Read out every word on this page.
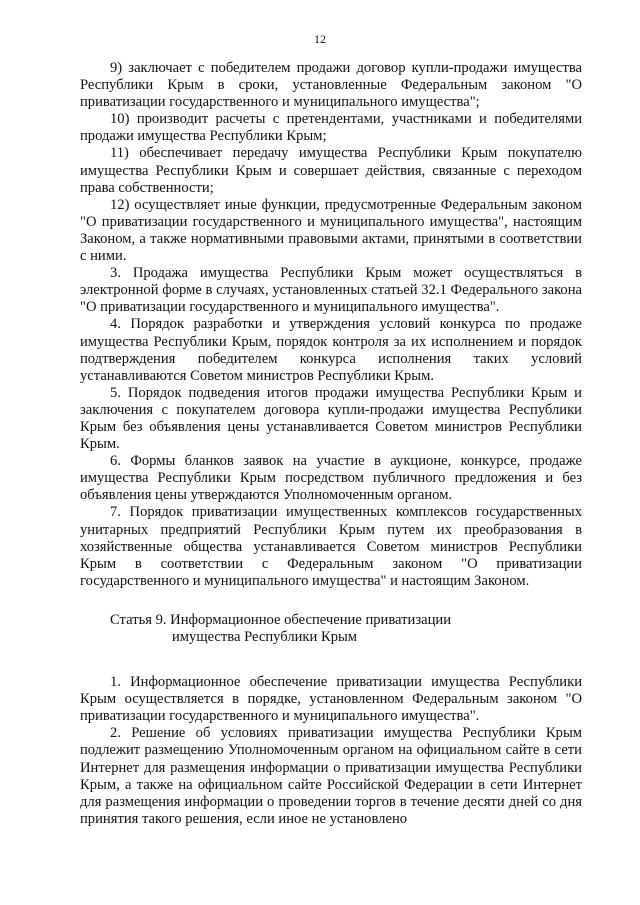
12

9) заключает с победителем продажи договор купли-продажи имущества Республики Крым в сроки, установленные Федеральным законом "О приватизации государственного и муниципального имущества";

10) производит расчеты с претендентами, участниками и победителями продажи имущества Республики Крым;

11) обеспечивает передачу имущества Республики Крым покупателю имущества Республики Крым и совершает действия, связанные с переходом права собственности;

12) осуществляет иные функции, предусмотренные Федеральным законом "О приватизации государственного и муниципального имущества", настоящим Законом, а также нормативными правовыми актами, принятыми в соответствии с ними.

3. Продажа имущества Республики Крым может осуществляться в электронной форме в случаях, установленных статьей 32.1 Федерального закона "О приватизации государственного и муниципального имущества".

4. Порядок разработки и утверждения условий конкурса по продаже имущества Республики Крым, порядок контроля за их исполнением и порядок подтверждения победителем конкурса исполнения таких условий устанавливаются Советом министров Республики Крым.

5. Порядок подведения итогов продажи имущества Республики Крым и заключения с покупателем договора купли-продажи имущества Республики Крым без объявления цены устанавливается Советом министров Республики Крым.

6. Формы бланков заявок на участие в аукционе, конкурсе, продаже имущества Республики Крым посредством публичного предложения и без объявления цены утверждаются Уполномоченным органом.

7. Порядок приватизации имущественных комплексов государственных унитарных предприятий Республики Крым путем их преобразования в хозяйственные общества устанавливается Советом министров Республики Крым в соответствии с Федеральным законом "О приватизации государственного и муниципального имущества" и настоящим Законом.

Статья 9. Информационное обеспечение приватизации
имущества Республики Крым

1. Информационное обеспечение приватизации имущества Республики Крым осуществляется в порядке, установленном Федеральным законом "О приватизации государственного и муниципального имущества".

2. Решение об условиях приватизации имущества Республики Крым подлежит размещению Уполномоченным органом на официальном сайте в сети Интернет для размещения информации о приватизации имущества Республики Крым, а также на официальном сайте Российской Федерации в сети Интернет для размещения информации о проведении торгов в течение десяти дней со дня принятия такого решения, если иное не установлено
